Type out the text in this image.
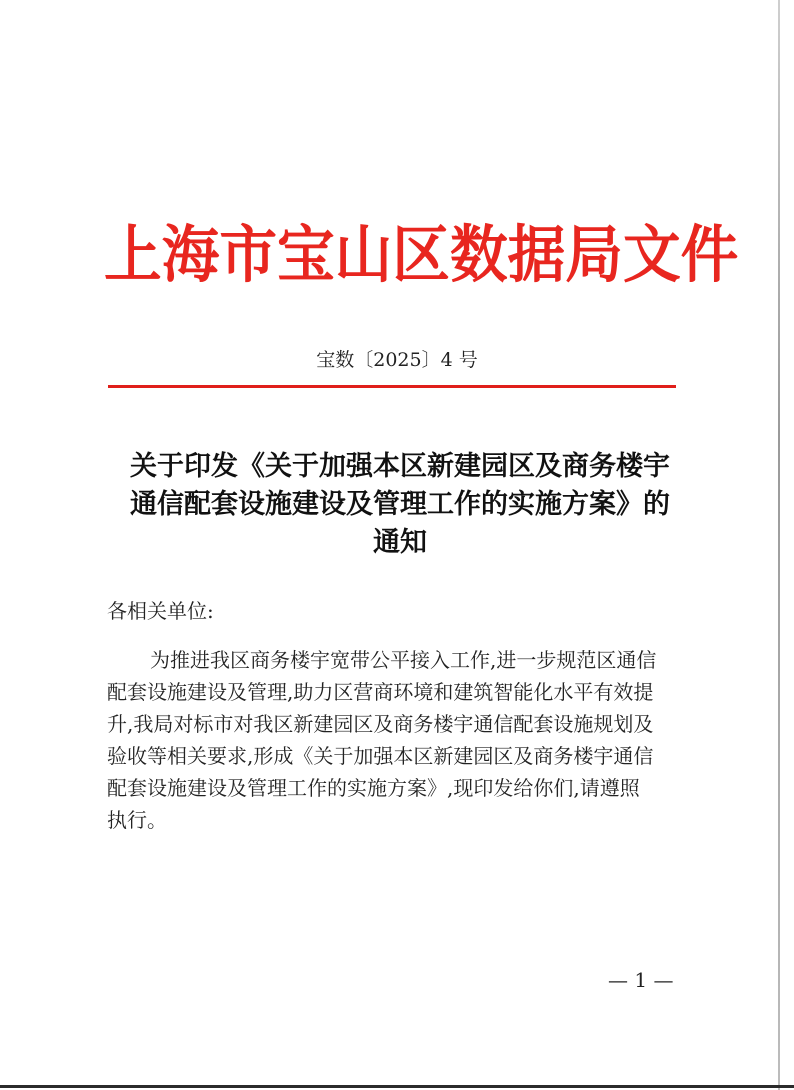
上海市宝山区数据局文件
宝数〔2025〕4 号
关于印发《关于加强本区新建园区及商务楼宇
通信配套设施建设及管理工作的实施方案》的
通知
各相关单位:
为推进我区商务楼宇宽带公平接入工作,进一步规范区通信
配套设施建设及管理,助力区营商环境和建筑智能化水平有效提
升,我局对标市对我区新建园区及商务楼宇通信配套设施规划及
验收等相关要求,形成《关于加强本区新建园区及商务楼宇通信
配套设施建设及管理工作的实施方案》,现印发给你们,请遵照
执行。
— 1 —
